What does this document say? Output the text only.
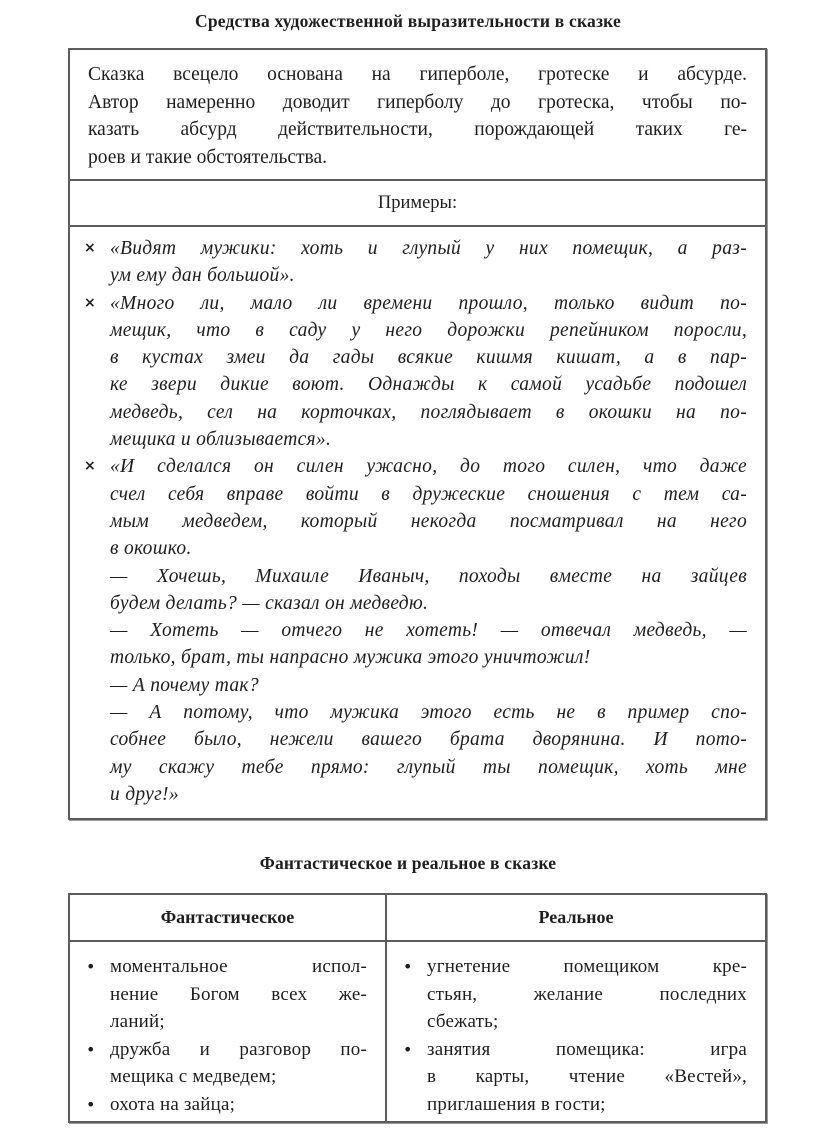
Средства художественной выразительности в сказке
Сказка всецело основана на гиперболе, гротеске и абсурде.
Автор намеренно доводит гиперболу до гротеска, чтобы по-
казать абсурд действительности, порождающей таких ге-
роев и такие обстоятельства.
Примеры:
× «Видят мужики: хоть и глупый у них помещик, а раз-
ум ему дан большой».
× «Много ли, мало ли времени прошло, только видит по-
мещик, что в саду у него дорожки репейником поросли,
в кустах змеи да гады всякие кишмя кишат, а в пар-
ке звери дикие воют. Однажды к самой усадьбе подошел
медведь, сел на корточках, поглядывает в окошки на по-
мещика и облизывается».
× «И сделался он силен ужасно, до того силен, что даже
счел себя вправе войти в дружеские сношения с тем са-
мым медведем, который некогда посматривал на него
в окошко.
— Хочешь, Михаиле Иваныч, походы вместе на зайцев
будем делать? — сказал он медведю.
— Хотеть — отчего не хотеть! — отвечал медведь, —
только, брат, ты напрасно мужика этого уничтожил!
— А почему так?
— А потому, что мужика этого есть не в пример спо-
собнее было, нежели вашего брата дворянина. И пото-
му скажу тебе прямо: глупый ты помещик, хоть мне
и друг!»
Фантастическое и реальное в сказке
Фантастическое
• моментальное испол-
нение Богом всех же-
ланий;
• дружба и разговор по-
мещика с медведем;
• охота на зайца;
Реальное
• угнетение помещиком кре-
стьян, желание последних
сбежать;
• занятия помещика: игра
в карты, чтение «Вестей»,
приглашения в гости;
